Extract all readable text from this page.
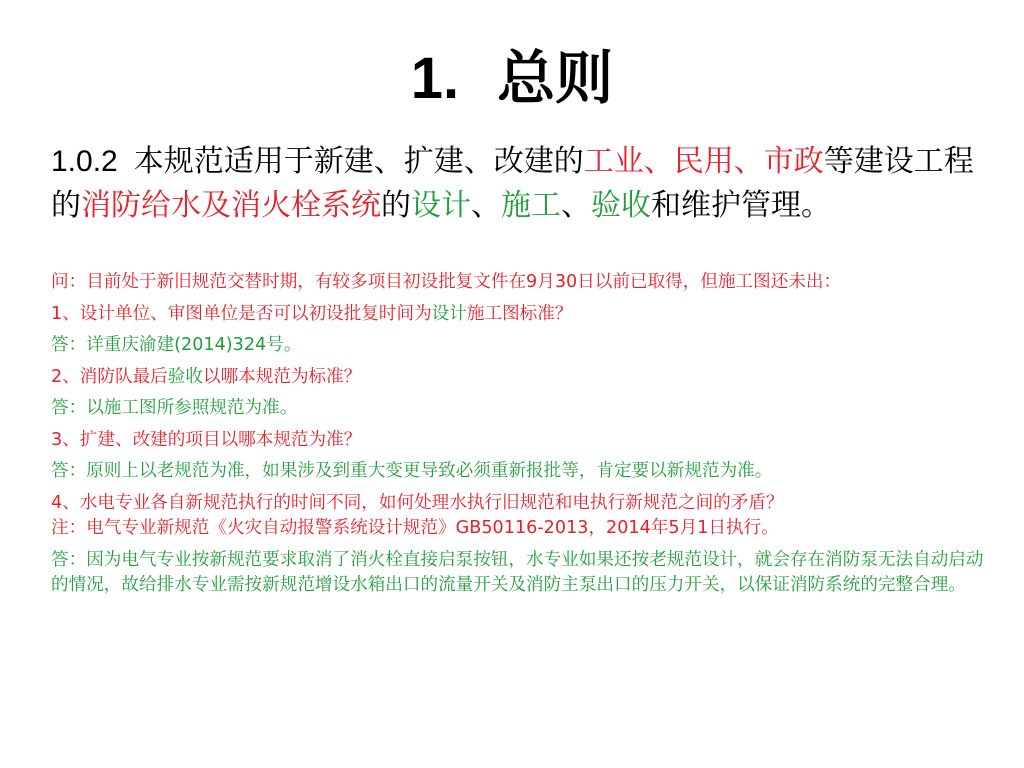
1. 总则
1.0.2 本规范适用于新建、扩建、改建的工业、民用、市政等建设工程的消防给水及消火栓系统的设计、施工、验收和维护管理。

问：目前处于新旧规范交替时期，有较多项目初设批复文件在9月30日以前已取得，但施工图还未出：

1、设计单位、审图单位是否可以初设批复时间为设计施工图标准？

答：详重庆渝建(2014)324号。

2、消防队最后验收以哪本规范为标准？

答：以施工图所参照规范为准。

3、扩建、改建的项目以哪本规范为准？

答：原则上以老规范为准，如果涉及到重大变更导致必须重新报批等，肯定要以新规范为准。

4、水电专业各自新规范执行的时间不同，如何处理水执行旧规范和电执行新规范之间的矛盾？

注：电气专业新规范《火灾自动报警系统设计规范》GB50116-2013，2014年5月1日执行。

答：因为电气专业按新规范要求取消了消火栓直接启泵按钮，水专业如果还按老规范设计，就会存在消防泵无法自动启动的情况，故给排水专业需按新规范增设水箱出口的流量开关及消防主泵出口的压力开关，以保证消防系统的完整合理。
